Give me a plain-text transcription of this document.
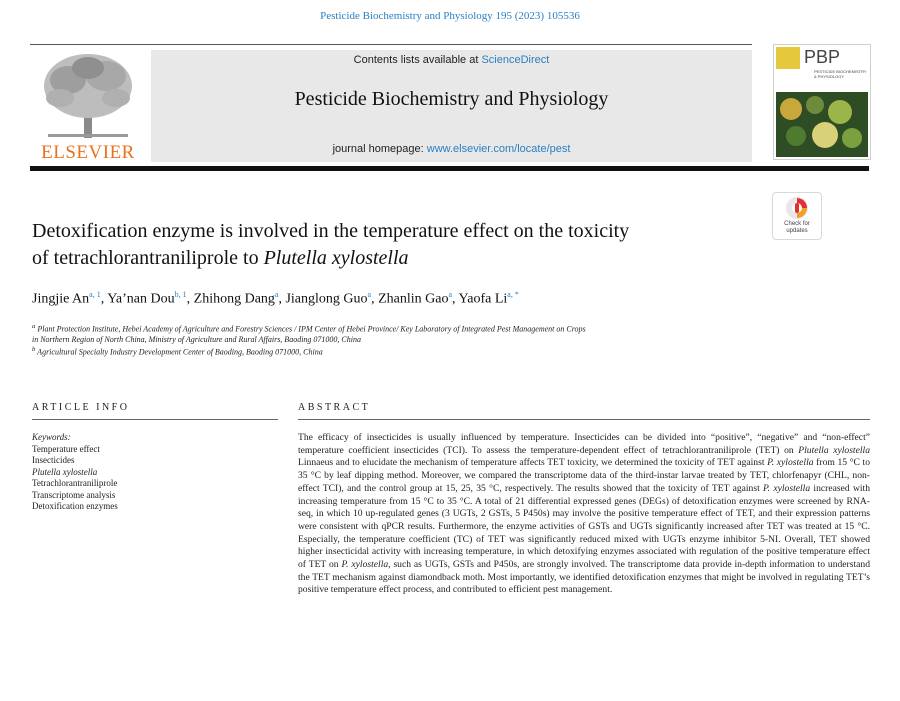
Pesticide Biochemistry and Physiology 195 (2023) 105536
ELSEVIER
Contents lists available at ScienceDirect
Pesticide Biochemistry and Physiology
journal homepage: www.elsevier.com/locate/pest
PBP
PESTICIDE BIOCHEMISTRY & PHYSIOLOGY
Check for
updates
Detoxification enzyme is involved in the temperature effect on the toxicity
of tetrachlorantraniliprole to Plutella xylostella
Jingjie An$^{a, 1}$, Ya’nan Dou$^{b, 1}$, Zhihong Dang$^a$, Jianglong Guo$^a$, Zhanlin Gao$^a$, Yaofa Li$^{a, *}$
$^a$ Plant Protection Institute, Hebei Academy of Agriculture and Forestry Sciences / IPM Center of Hebei Province/ Key Laboratory of Integrated Pest Management on Crops
in Northern Region of North China, Ministry of Agriculture and Rural Affairs, Baoding 071000, China
$^b$ Agricultural Specialty Industry Development Center of Baoding, Baoding 071000, China
ARTICLE INFO
Keywords:
Temperature effect
Insecticides
Plutella xylostella
Tetrachlorantraniliprole
Transcriptome analysis
Detoxification enzymes
ABSTRACT
The efficacy of insecticides is usually influenced by temperature. Insecticides can be divided into “positive”, “negative” and “non-effect” temperature coefficient insecticides (TCI). To assess the temperature-dependent effect of tetrachlorantraniliprole (TET) on Plutella xylostella Linnaeus and to elucidate the mechanism of temperature affects TET toxicity, we determined the toxicity of TET against P. xylostella from 15 °C to 35 °C by leaf dipping method. Moreover, we compared the transcriptome data of the third-instar larvae treated by TET, chlorfenapyr (CHL, non-effect TCI), and the control group at 15, 25, 35 °C, respectively. The results showed that the toxicity of TET against P. xylostella increased with increasing temperature from 15 °C to 35 °C. A total of 21 differential expressed genes (DEGs) of detoxification enzymes were screened by RNA-seq, in which 10 up-regulated genes (3 UGTs, 2 GSTs, 5 P450s) may involve the positive temperature effect of TET, and their expression patterns were consistent with qPCR results. Furthermore, the enzyme activities of GSTs and UGTs significantly increased after TET was treated at 15 °C. Especially, the temperature coefficient (TC) of TET was significantly reduced mixed with UGTs enzyme inhibitor 5-NI. Overall, TET showed higher insecticidal activity with increasing temperature, in which detoxifying enzymes associated with regulation of the positive temperature effect of TET on P. xylostella, such as UGTs, GSTs and P450s, are strongly involved. The transcriptome data provide in-depth information to understand the TET mechanism against diamondback moth. Most importantly, we identified detoxification enzymes that might be involved in regulating TET’s positive temperature effect process, and contributed to efficient pest management.
